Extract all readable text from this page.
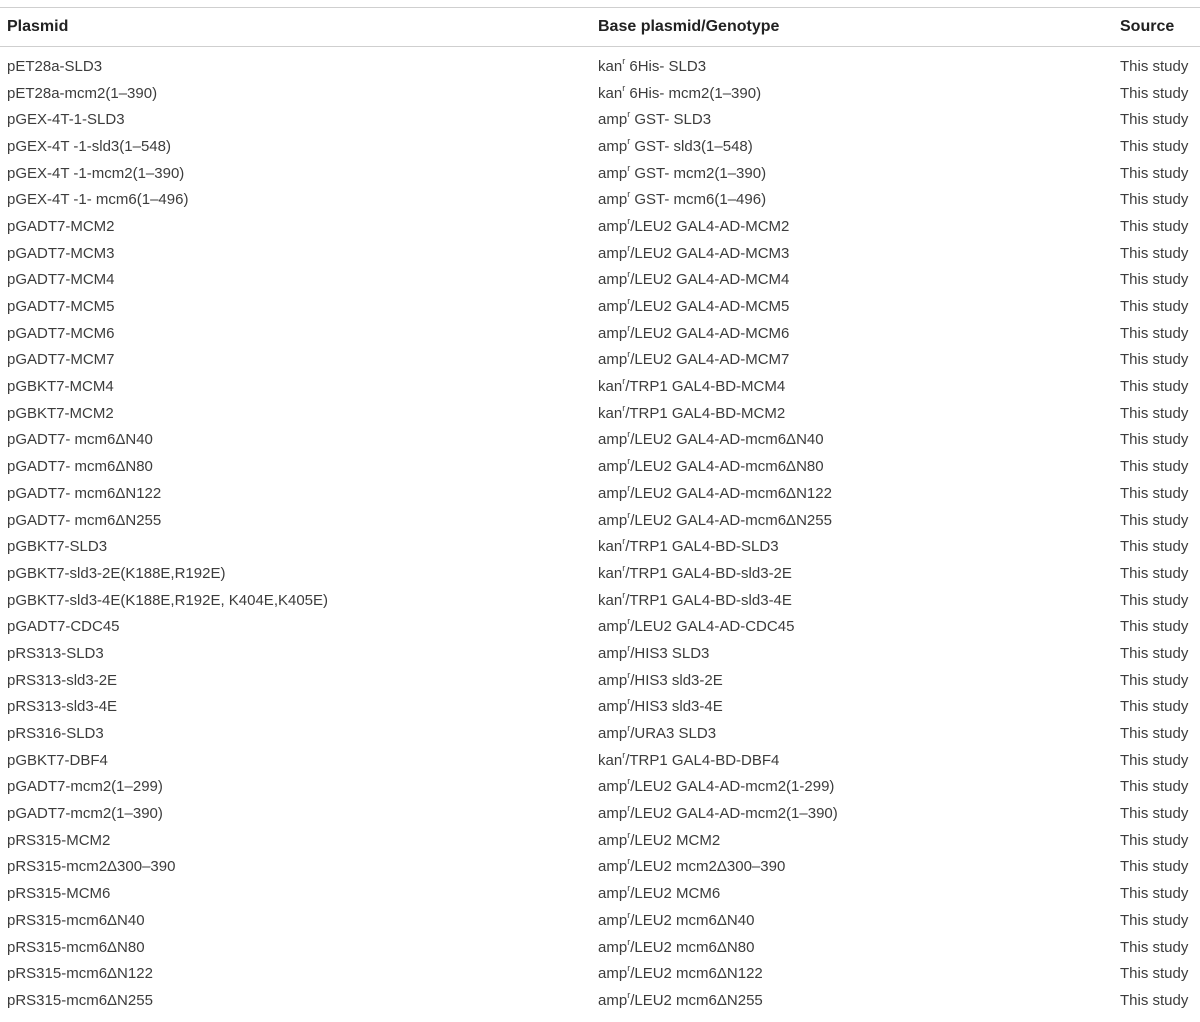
Plasmid	Base plasmid/Genotype	Source
pET28a-SLD3	kan$^r$ 6His- SLD3	This study
pET28a-mcm2(1–390)	kan$^r$ 6His- mcm2(1–390)	This study
pGEX-4T-1-SLD3	amp$^r$ GST- SLD3	This study
pGEX-4T -1-sld3(1–548)	amp$^r$ GST- sld3(1–548)	This study
pGEX-4T -1-mcm2(1–390)	amp$^r$ GST- mcm2(1–390)	This study
pGEX-4T -1- mcm6(1–496)	amp$^r$ GST- mcm6(1–496)	This study
pGADT7-MCM2	amp$^r$/LEU2 GAL4-AD-MCM2	This study
pGADT7-MCM3	amp$^r$/LEU2 GAL4-AD-MCM3	This study
pGADT7-MCM4	amp$^r$/LEU2 GAL4-AD-MCM4	This study
pGADT7-MCM5	amp$^r$/LEU2 GAL4-AD-MCM5	This study
pGADT7-MCM6	amp$^r$/LEU2 GAL4-AD-MCM6	This study
pGADT7-MCM7	amp$^r$/LEU2 GAL4-AD-MCM7	This study
pGBKT7-MCM4	kan$^r$/TRP1 GAL4-BD-MCM4	This study
pGBKT7-MCM2	kan$^r$/TRP1 GAL4-BD-MCM2	This study
pGADT7- mcm6ΔN40	amp$^r$/LEU2 GAL4-AD-mcm6ΔN40	This study
pGADT7- mcm6ΔN80	amp$^r$/LEU2 GAL4-AD-mcm6ΔN80	This study
pGADT7- mcm6ΔN122	amp$^r$/LEU2 GAL4-AD-mcm6ΔN122	This study
pGADT7- mcm6ΔN255	amp$^r$/LEU2 GAL4-AD-mcm6ΔN255	This study
pGBKT7-SLD3	kan$^r$/TRP1 GAL4-BD-SLD3	This study
pGBKT7-sld3-2E(K188E,R192E)	kan$^r$/TRP1 GAL4-BD-sld3-2E	This study
pGBKT7-sld3-4E(K188E,R192E, K404E,K405E)	kan$^r$/TRP1 GAL4-BD-sld3-4E	This study
pGADT7-CDC45	amp$^r$/LEU2 GAL4-AD-CDC45	This study
pRS313-SLD3	amp$^r$/HIS3 SLD3	This study
pRS313-sld3-2E	amp$^r$/HIS3 sld3-2E	This study
pRS313-sld3-4E	amp$^r$/HIS3 sld3-4E	This study
pRS316-SLD3	amp$^r$/URA3 SLD3	This study
pGBKT7-DBF4	kan$^r$/TRP1 GAL4-BD-DBF4	This study
pGADT7-mcm2(1–299)	amp$^r$/LEU2 GAL4-AD-mcm2(1-299)	This study
pGADT7-mcm2(1–390)	amp$^r$/LEU2 GAL4-AD-mcm2(1–390)	This study
pRS315-MCM2	amp$^r$/LEU2 MCM2	This study
pRS315-mcm2Δ300–390	amp$^r$/LEU2 mcm2Δ300–390	This study
pRS315-MCM6	amp$^r$/LEU2 MCM6	This study
pRS315-mcm6ΔN40	amp$^r$/LEU2 mcm6ΔN40	This study
pRS315-mcm6ΔN80	amp$^r$/LEU2 mcm6ΔN80	This study
pRS315-mcm6ΔN122	amp$^r$/LEU2 mcm6ΔN122	This study
pRS315-mcm6ΔN255	amp$^r$/LEU2 mcm6ΔN255	This study
